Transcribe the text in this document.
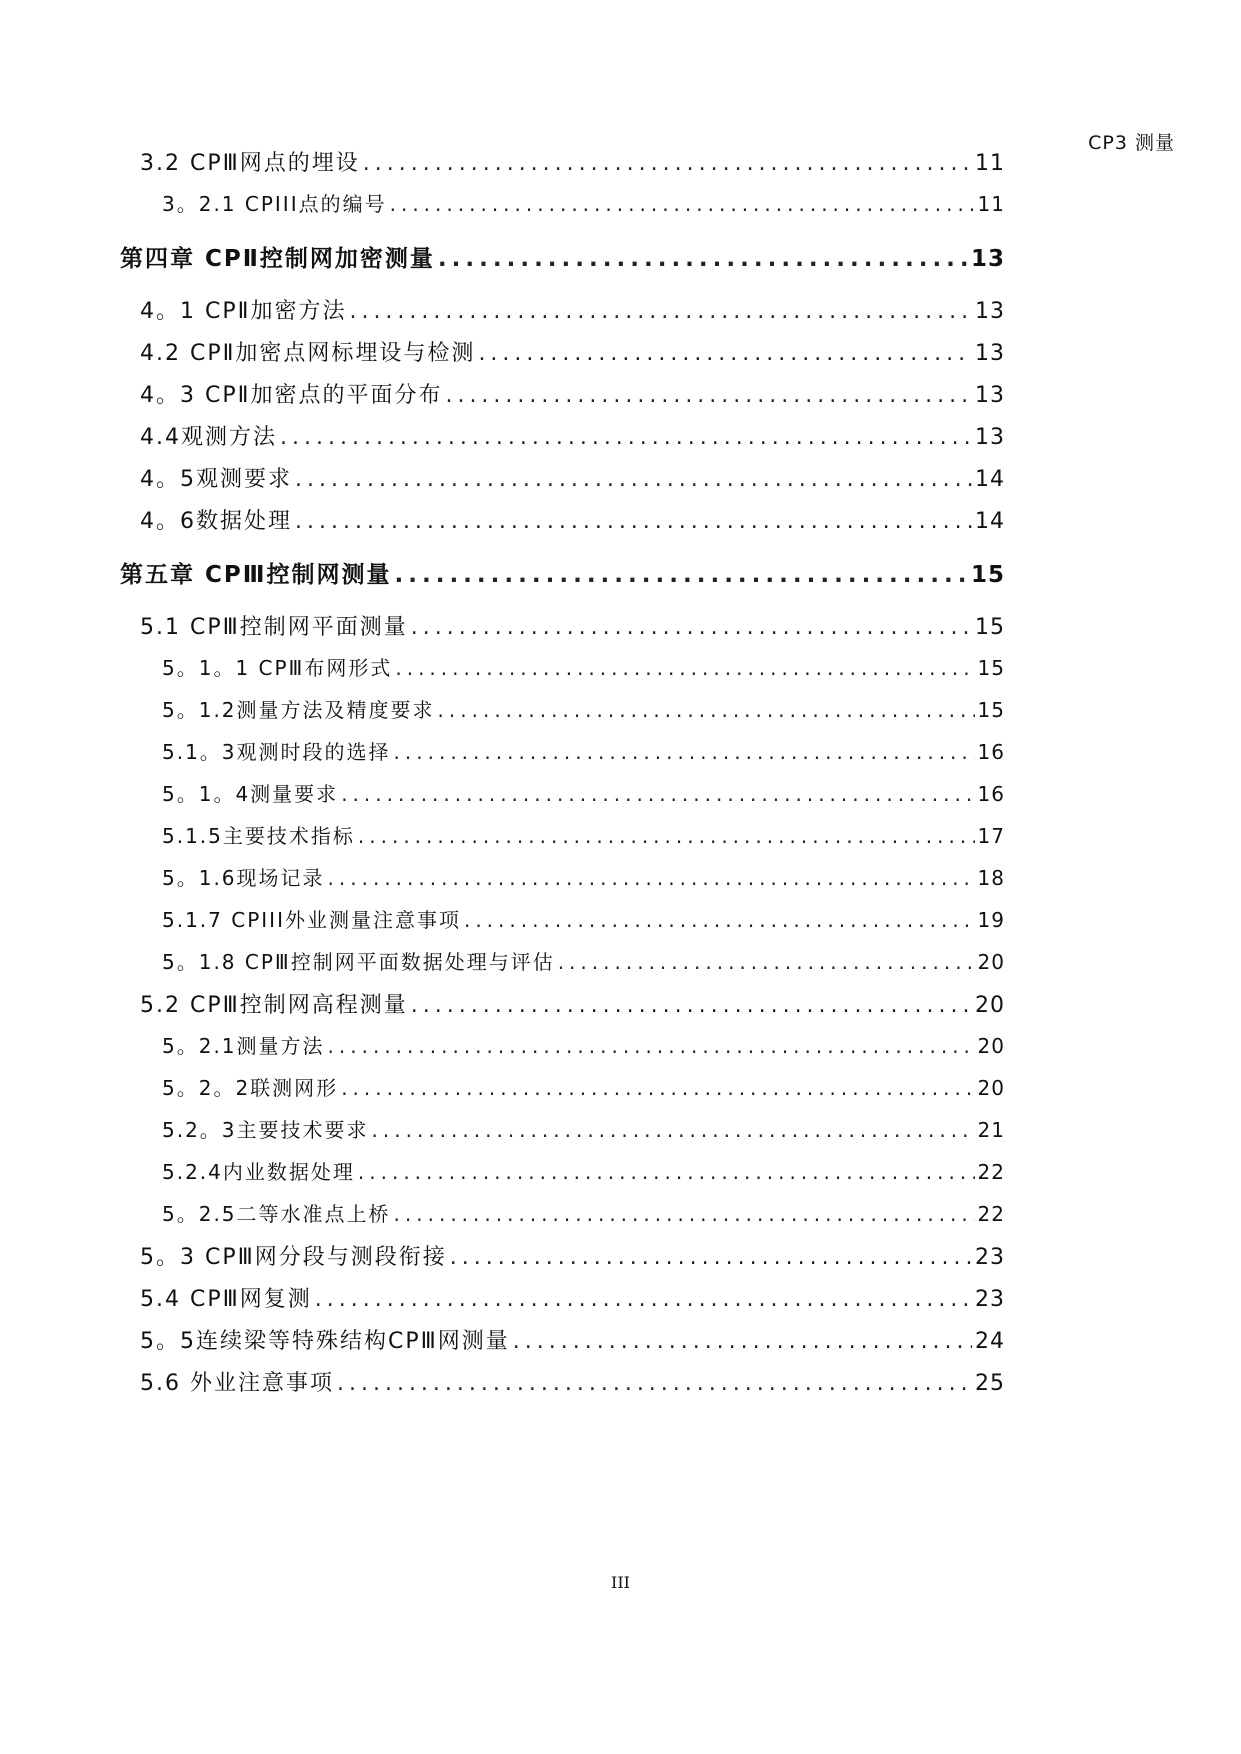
CP3 测量
3.2 CPⅢ网点的埋设 .....	11
3。2.1 CPIII点的编号 .....	11
第四章 CPⅡ控制网加密测量 .....	13
4。1 CPⅡ加密方法 .....	13
4.2 CPⅡ加密点网标埋设与检测 .....	13
4。3 CPⅡ加密点的平面分布 .....	13
4.4观测方法 .....	13
4。5观测要求 .....	14
4。6数据处理 .....	14
第五章 CPⅢ控制网测量 .....	15
5.1 CPⅢ控制网平面测量 .....	15
5。1。1 CPⅢ布网形式 .....	15
5。1.2测量方法及精度要求 .....	15
5.1。3观测时段的选择 .....	16
5。1。4测量要求 .....	16
5.1.5主要技术指标 .....	17
5。1.6现场记录 .....	18
5.1.7 CPIII外业测量注意事项 .....	19
5。1.8 CPⅢ控制网平面数据处理与评估 .....	20
5.2 CPⅢ控制网高程测量 .....	20
5。2.1测量方法 .....	20
5。2。2联测网形 .....	20
5.2。3主要技术要求 .....	21
5.2.4内业数据处理 .....	22
5。2.5二等水准点上桥 .....	22
5。3 CPⅢ网分段与测段衔接 .....	23
5.4 CPⅢ网复测 .....	23
5。5连续梁等特殊结构CPⅢ网测量 .....	24
5.6 外业注意事项 .....	25
III
